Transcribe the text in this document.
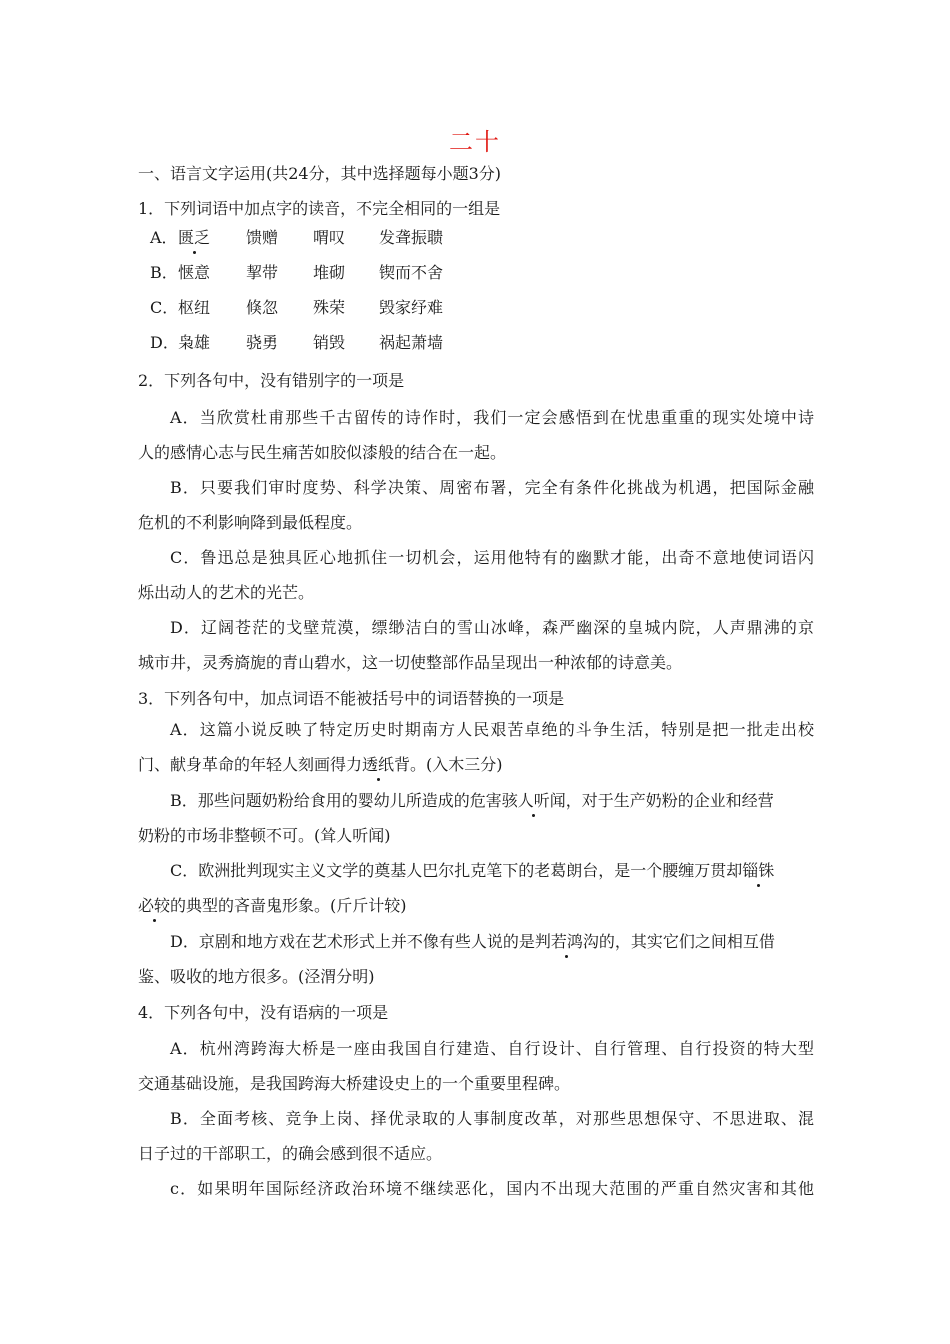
二十
一、语言文字运用(共24分，其中选择题每小题3分)
1．下列词语中加点字的读音，不完全相同的一组是
A． 匮乏 馈赠 喟叹 发聋振聩
B． 惬意 挈带 堆砌 锲而不舍
C． 枢纽 倏忽 殊荣 毁家纾难
D． 枭雄 骁勇 销毁 祸起萧墙
2．下列各句中，没有错别字的一项是
A．当欣赏杜甫那些千古留传的诗作时，我们一定会感悟到在忧患重重的现实处境中诗
人的感情心志与民生痛苦如胶似漆般的结合在一起。
B．只要我们审时度势、科学决策、周密布署，完全有条件化挑战为机遇，把国际金融
危机的不利影响降到最低程度。
C．鲁迅总是独具匠心地抓住一切机会，运用他特有的幽默才能，出奇不意地使词语闪
烁出动人的艺术的光芒。
D．辽阔苍茫的戈壁荒漠，缥缈洁白的雪山冰峰，森严幽深的皇城内院，人声鼎沸的京
城市井，灵秀旖旎的青山碧水，这一切使整部作品呈现出一种浓郁的诗意美。
3．下列各句中，加点词语不能被括号中的词语替换的一项是
A．这篇小说反映了特定历史时期南方人民艰苦卓绝的斗争生活，特别是把一批走出校
门、献身革命的年轻人刻画得力透纸背。(入木三分)
B．那些问题奶粉给食用的婴幼儿所造成的危害骇人听闻，对于生产奶粉的企业和经营
奶粉的市场非整顿不可。(耸人听闻)
C．欧洲批判现实主义文学的奠基人巴尔扎克笔下的老葛朗台，是一个腰缠万贯却锱铢
必较的典型的吝啬鬼形象。(斤斤计较)
D．京剧和地方戏在艺术形式上并不像有些人说的是判若鸿沟的，其实它们之间相互借
鉴、吸收的地方很多。(泾渭分明)
4．下列各句中，没有语病的一项是
A．杭州湾跨海大桥是一座由我国自行建造、自行设计、自行管理、自行投资的特大型
交通基础设施，是我国跨海大桥建设史上的一个重要里程碑。
B．全面考核、竞争上岗、择优录取的人事制度改革，对那些思想保守、不思进取、混
日子过的干部职工，的确会感到很不适应。
c．如果明年国际经济政治环境不继续恶化，国内不出现大范围的严重自然灾害和其他
